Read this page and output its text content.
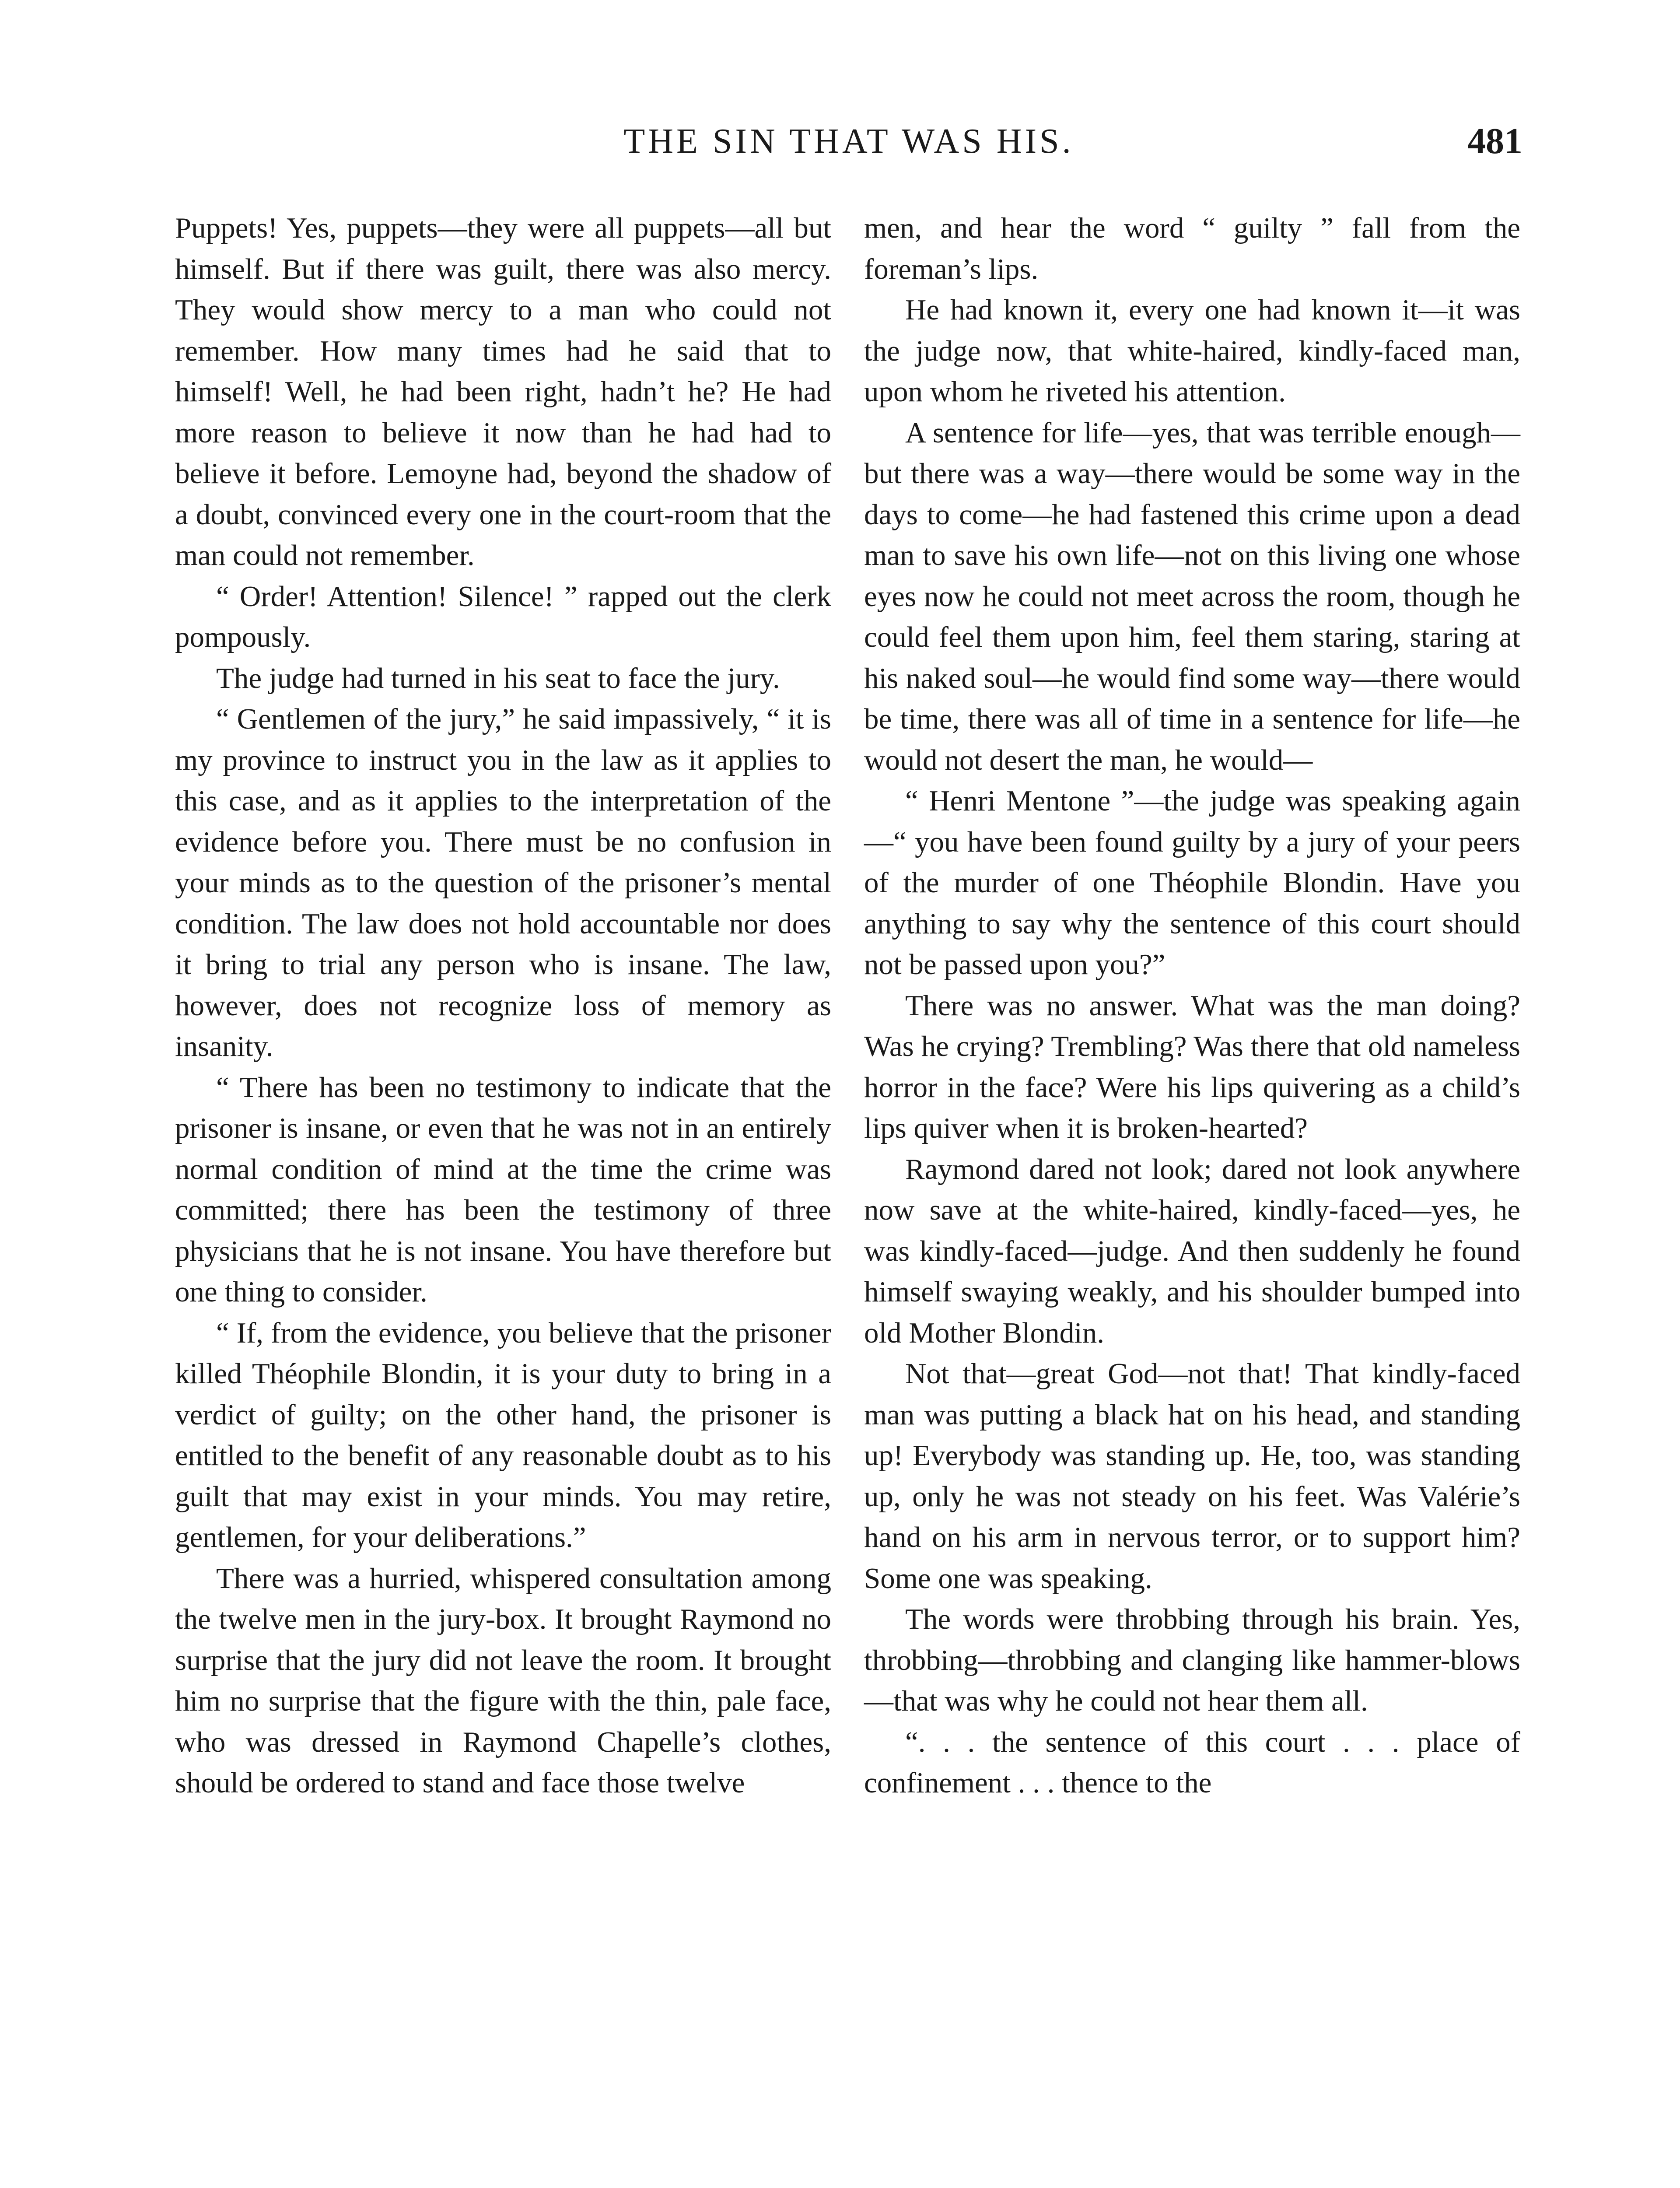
THE SIN THAT WAS HIS.	481

Puppets! Yes, puppets—they were all puppets—all but himself. But if there was guilt, there was also mercy. They would show mercy to a man who could not remember. How many times had he said that to himself! Well, he had been right, hadn’t he? He had more reason to believe it now than he had had to believe it before. Lemoyne had, beyond the shadow of a doubt, convinced every one in the court-room that the man could not remember.

“ Order! Attention! Silence! ” rapped out the clerk pompously.

The judge had turned in his seat to face the jury.

“ Gentlemen of the jury,” he said impassively, “ it is my province to instruct you in the law as it applies to this case, and as it applies to the interpretation of the evidence before you. There must be no confusion in your minds as to the question of the prisoner’s mental condition. The law does not hold accountable nor does it bring to trial any person who is insane. The law, however, does not recognize loss of memory as insanity.

“ There has been no testimony to indicate that the prisoner is insane, or even that he was not in an entirely normal condition of mind at the time the crime was committed; there has been the testimony of three physicians that he is not insane. You have therefore but one thing to consider.

“ If, from the evidence, you believe that the prisoner killed Théophile Blondin, it is your duty to bring in a verdict of guilty; on the other hand, the prisoner is entitled to the benefit of any reasonable doubt as to his guilt that may exist in your minds. You may retire, gentlemen, for your deliberations.”

There was a hurried, whispered consultation among the twelve men in the jury-box. It brought Raymond no surprise that the jury did not leave the room. It brought him no surprise that the figure with the thin, pale face, who was dressed in Raymond Chapelle’s clothes, should be ordered to stand and face those twelve

men, and hear the word “ guilty ” fall from the foreman’s lips.

He had known it, every one had known it—it was the judge now, that white-haired, kindly-faced man, upon whom he riveted his attention.

A sentence for life—yes, that was terrible enough—but there was a way—there would be some way in the days to come—he had fastened this crime upon a dead man to save his own life—not on this living one whose eyes now he could not meet across the room, though he could feel them upon him, feel them staring, staring at his naked soul—he would find some way—there would be time, there was all of time in a sentence for life—he would not desert the man, he would—

“ Henri Mentone ”—the judge was speaking again—“ you have been found guilty by a jury of your peers of the murder of one Théophile Blondin. Have you anything to say why the sentence of this court should not be passed upon you?”

There was no answer. What was the man doing? Was he crying? Trembling? Was there that old nameless horror in the face? Were his lips quivering as a child’s lips quiver when it is broken-hearted?

Raymond dared not look; dared not look anywhere now save at the white-haired, kindly-faced—yes, he was kindly-faced—judge. And then suddenly he found himself swaying weakly, and his shoulder bumped into old Mother Blondin.

Not that—great God—not that! That kindly-faced man was putting a black hat on his head, and standing up! Everybody was standing up. He, too, was standing up, only he was not steady on his feet. Was Valérie’s hand on his arm in nervous terror, or to support him? Some one was speaking.

The words were throbbing through his brain. Yes, throbbing—throbbing and clanging like hammer-blows—that was why he could not hear them all.

“. . . the sentence of this court . . . place of confinement . . . thence to the
